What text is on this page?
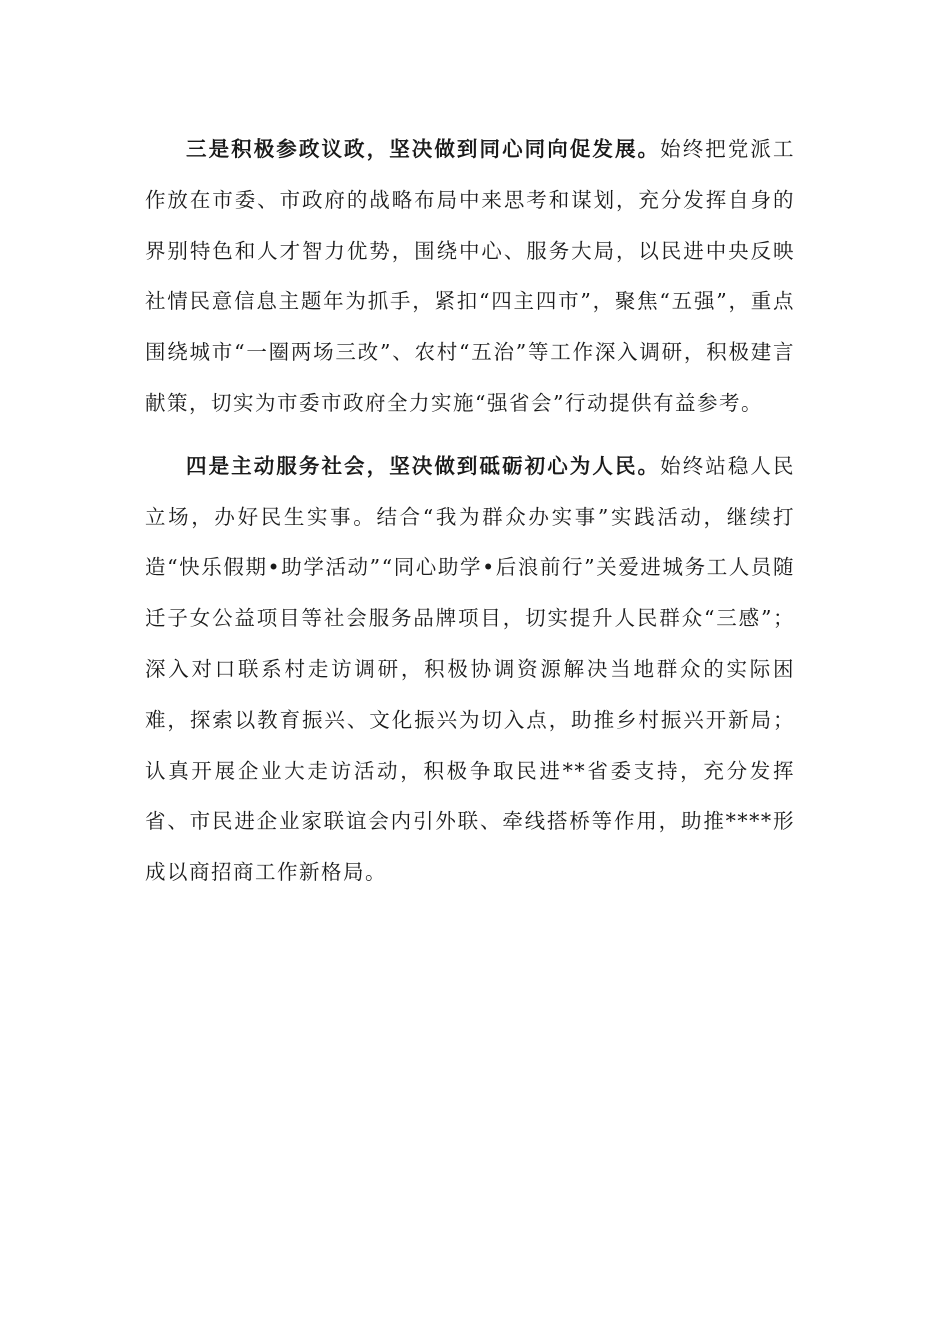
三是积极参政议政，坚决做到同心同向促发展。始终把党派工作放在市委、市政府的战略布局中来思考和谋划，充分发挥自身的界别特色和人才智力优势，围绕中心、服务大局，以民进中央反映社情民意信息主题年为抓手，紧扣“四主四市”，聚焦“五强”，重点围绕城市“一圈两场三改”、农村“五治”等工作深入调研，积极建言献策，切实为市委市政府全力实施“强省会”行动提供有益参考。

四是主动服务社会，坚决做到砥砺初心为人民。始终站稳人民立场，办好民生实事。结合“我为群众办实事”实践活动，继续打造“快乐假期•助学活动”“同心助学•后浪前行”关爱进城务工人员随迁子女公益项目等社会服务品牌项目，切实提升人民群众“三感”；深入对口联系村走访调研，积极协调资源解决当地群众的实际困难，探索以教育振兴、文化振兴为切入点，助推乡村振兴开新局；认真开展企业大走访活动，积极争取民进**省委支持，充分发挥省、市民进企业家联谊会内引外联、牵线搭桥等作用，助推****形成以商招商工作新格局。
